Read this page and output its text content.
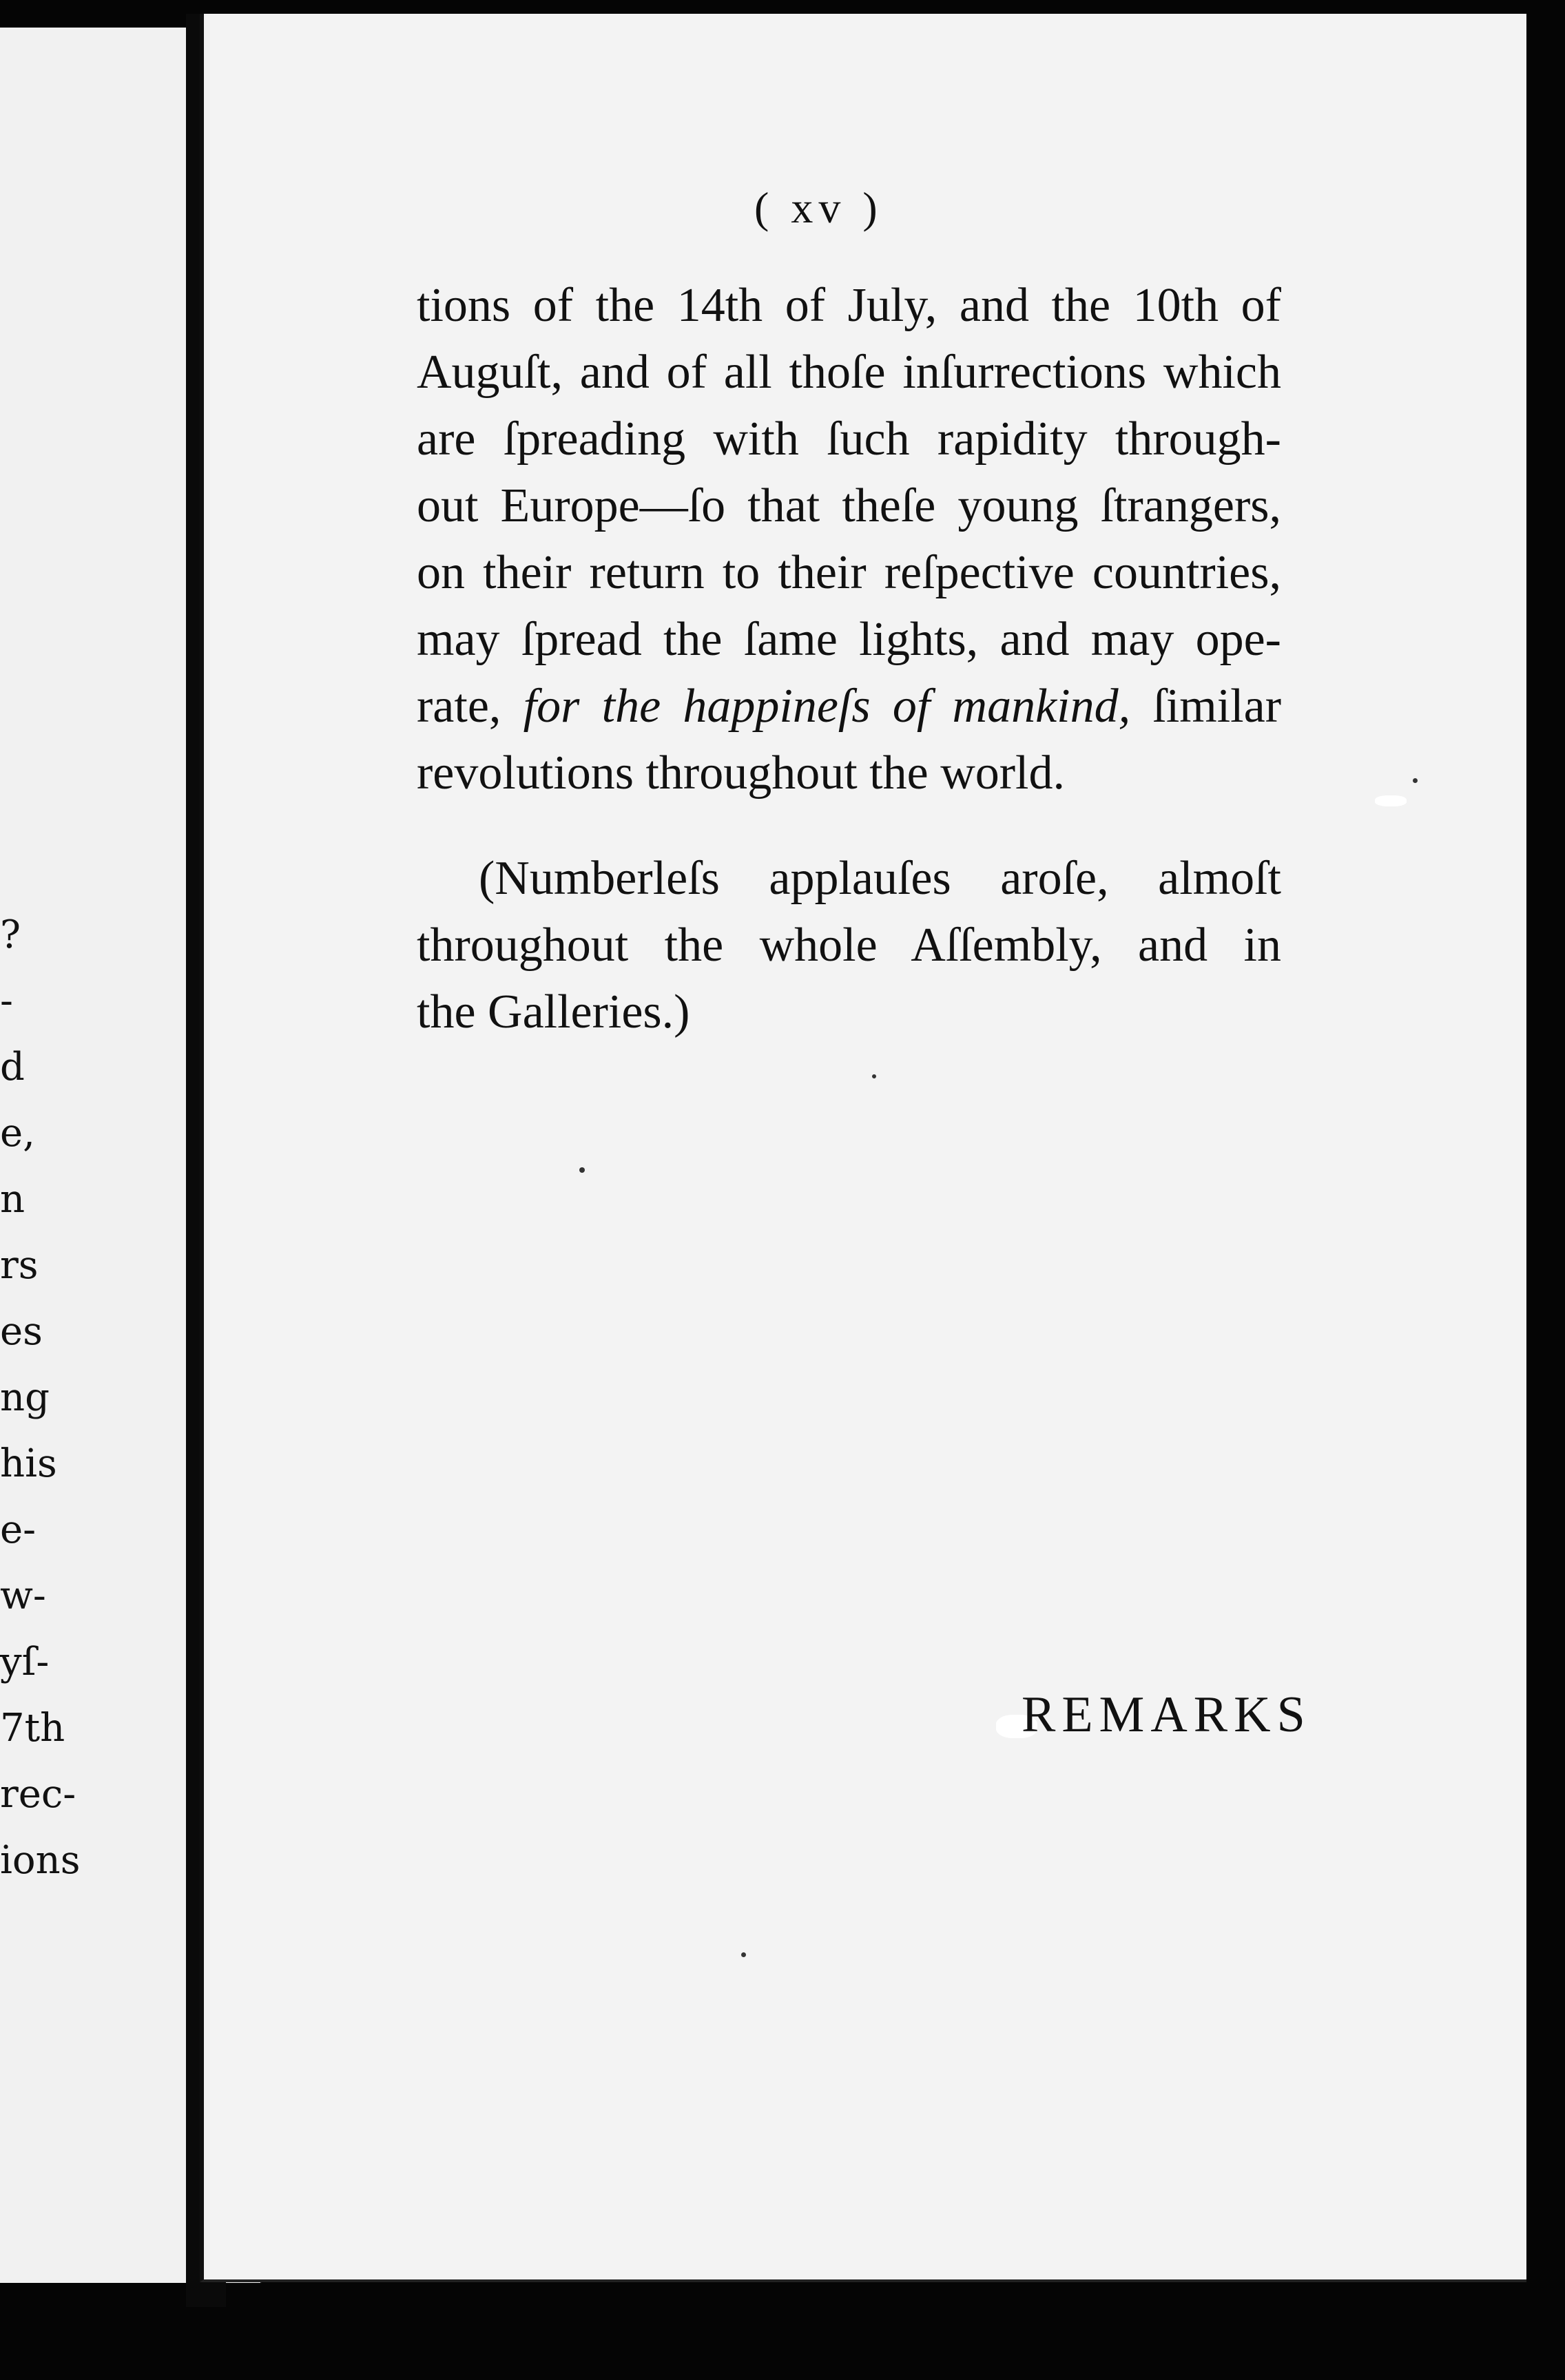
?
-
d
e,
n
rs
es
ng
his
e-
w-
yſ-
7th
rec-
ions
( xv )
tions of the 14th of July, and the 10th of
Auguſt, and of all thoſe inſurrections which
are ſpreading with ſuch rapidity through-
out Europe—ſo that theſe young ſtrangers,
on their return to their reſpective countries,
may ſpread the ſame lights, and may ope-
rate, for the happineſs of mankind, ſimilar
revolutions throughout the world.
(Numberleſs applauſes aroſe, almoſt
throughout the whole Aſſembly, and in
the Galleries.)
REMARKS
